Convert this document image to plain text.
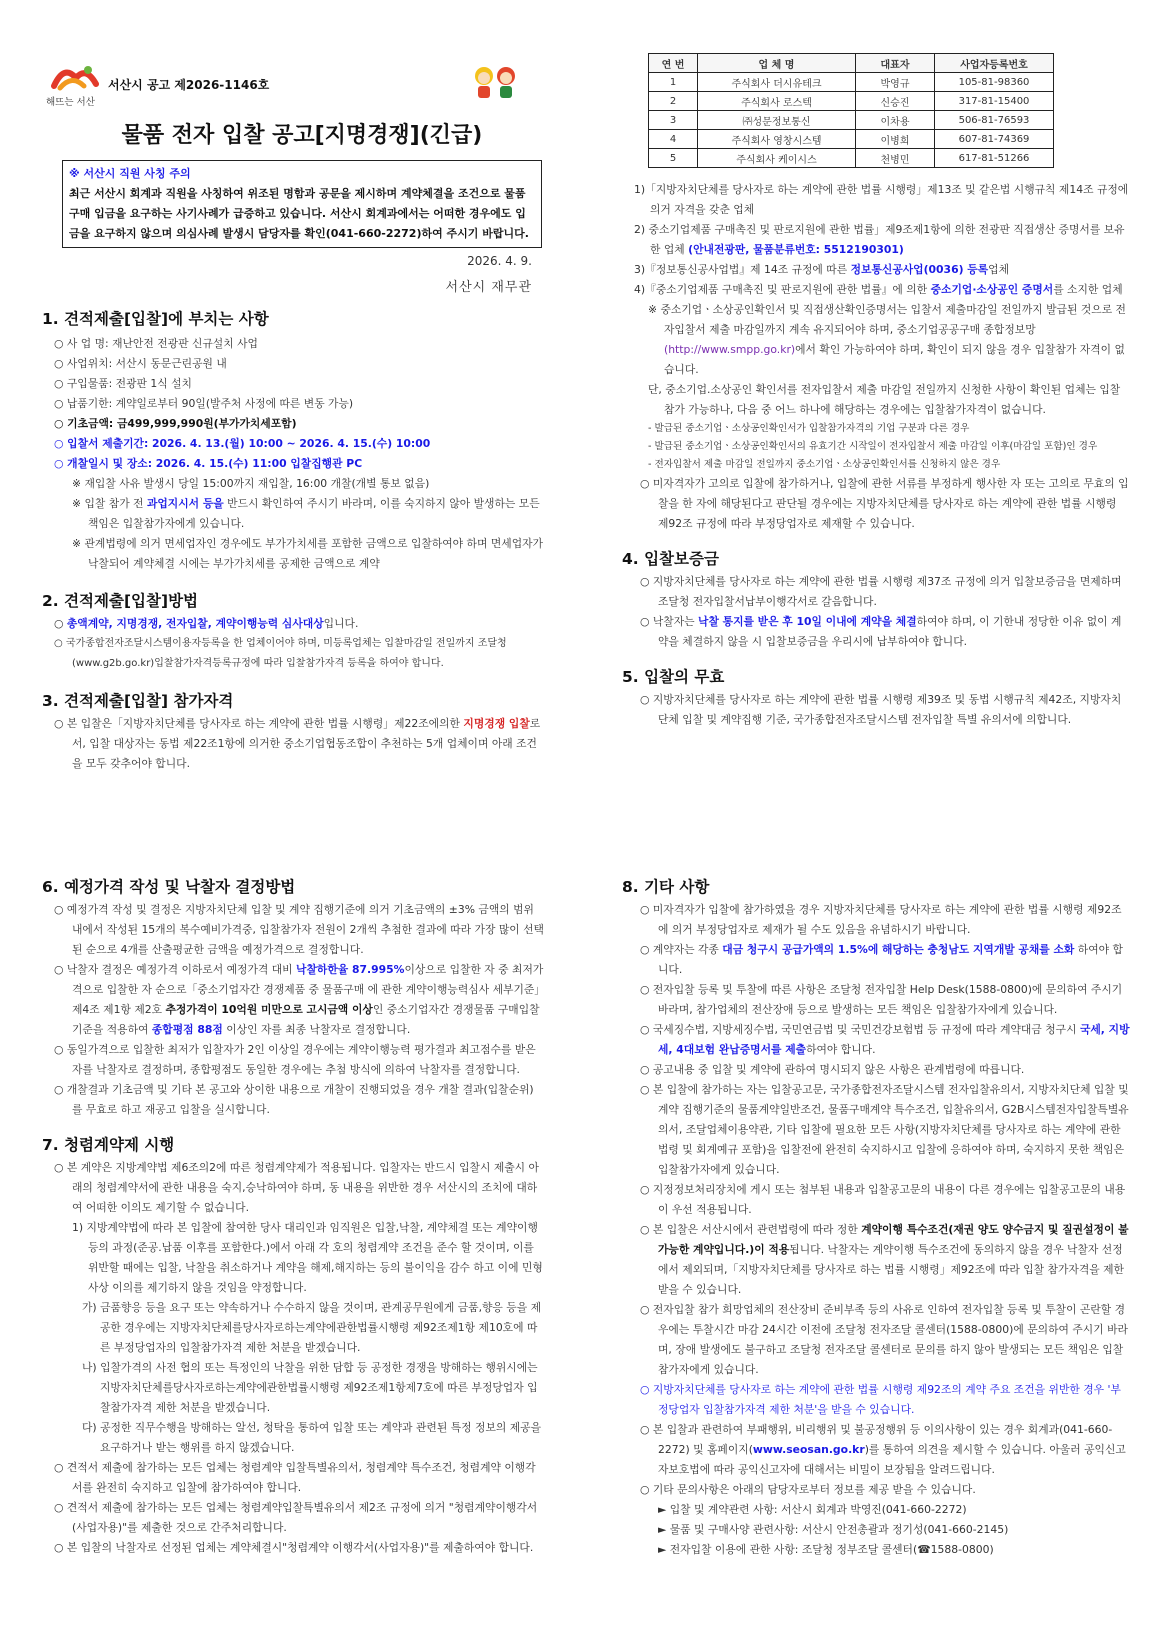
해뜨는 서산
서산시 공고 제2026-1146호
물품 전자 입찰 공고[지명경쟁](긴급)
※ 서산시 직원 사칭 주의
최근 서산시 회계과 직원을 사칭하여 위조된 명함과 공문을 제시하며 계약체결을 조건으로 물품구매 입금을 요구하는 사기사례가 급증하고 있습니다. 서산시 회계과에서는 어떠한 경우에도 입금을 요구하지 않으며 의심사례 발생시 담당자를 확인(041-660-2272)하여 주시기 바랍니다.
2026. 4. 9.
서산시 재무관

1. 견적제출[입찰]에 부치는 사항

○ 사 업 명: 재난안전 전광판 신규설치 사업

○ 사업위치: 서산시 동문근린공원 내

○ 구입물품: 전광판 1식 설치

○ 납품기한: 계약일로부터 90일(발주처 사정에 따른 변동 가능)

○ 기초금액: 금499,999,990원(부가가치세포함)

○ 입찰서 제출기간: 2026. 4. 13.(월) 10:00 ~ 2026. 4. 15.(수) 10:00

○ 개찰일시 및 장소: 2026. 4. 15.(수) 11:00 입찰집행관 PC

※ 재입찰 사유 발생시 당일 15:00까지 재입찰, 16:00 개찰(개별 통보 없음)

※ 입찰 참가 전 과업지시서 등을 반드시 확인하여 주시기 바라며, 이를 숙지하지 않아 발생하는 모든 책임은 입찰참가자에게 있습니다.

※ 관계법령에 의거 면세업자인 경우에도 부가가치세를 포함한 금액으로 입찰하여야 하며 면세업자가 낙찰되어 계약체결 시에는 부가가치세를 공제한 금액으로 계약

2. 견적제출[입찰]방법

○ 총액계약, 지명경쟁, 전자입찰, 계약이행능력 심사대상입니다.

○ 국가종합전자조달시스템이용자등록을 한 업체이어야 하며, 미등록업체는 입찰마감일 전일까지 조달청(www.g2b.go.kr)입찰참가자격등록규정에 따라 입찰참가자격 등록을 하여야 합니다.

3. 견적제출[입찰] 참가자격

○ 본 입찰은「지방자치단체를 당사자로 하는 계약에 관한 법률 시행령」제22조에의한 지명경쟁 입찰로서, 입찰 대상자는 동법 제22조1항에 의거한 중소기업협동조합이 추천하는 5개 업체이며 아래 조건을 모두 갖추어야 합니다.

연 번	업 체 명	대표자	사업자등록번호
1	주식회사 더시유테크	박영규	105-81-98360
2	주식회사 로스텍	신승진	317-81-15400
3	㈜성문정보통신	이차용	506-81-76593
4	주식회사 영창시스템	이병희	607-81-74369
5	주식회사 케이시스	천병민	617-81-51266

1)「지방자치단체를 당사자로 하는 계약에 관한 법률 시행령」제13조 및 같은법 시행규칙 제14조 규정에 의거 자격을 갖춘 업체

2) 중소기업제품 구매촉진 및 판로지원에 관한 법률」제9조제1항에 의한 전광판 직접생산 증명서를 보유한 업체 (안내전광판, 물품분류번호: 5512190301)

3)『정보통신공사업법』제 14조 규정에 따른 정보통신공사업(0036) 등록업체

4)『중소기업제품 구매촉진 및 판로지원에 관한 법률』에 의한 중소기업·소상공인 증명서를 소지한 업체

※ 중소기업ㆍ소상공인확인서 및 직접생산확인증명서는 입찰서 제출마감일 전일까지 발급된 것으로 전자입찰서 제출 마감일까지 계속 유지되어야 하며, 중소기업공공구매 종합정보망 (http://www.smpp.go.kr)에서 확인 가능하여야 하며, 확인이 되지 않을 경우 입찰참가 자격이 없습니다.

단, 중소기업.소상공인 확인서를 전자입찰서 제출 마감일 전일까지 신청한 사항이 확인된 업체는 입찰참가 가능하나, 다음 중 어느 하나에 해당하는 경우에는 입찰참가자격이 없습니다.

- 발급된 중소기업ㆍ소상공인확인서가 입찰참가자격의 기업 구분과 다른 경우

- 발급된 중소기업ㆍ소상공인확인서의 유효기간 시작일이 전자입찰서 제출 마감일 이후(마감일 포함)인 경우

- 전자입찰서 제출 마감일 전일까지 중소기업ㆍ소상공인확인서를 신청하지 않은 경우

○ 미자격자가 고의로 입찰에 참가하거나, 입찰에 관한 서류를 부정하게 행사한 자 또는 고의로 무효의 입찰을 한 자에 해당된다고 판단될 경우에는 지방자치단체를 당사자로 하는 계약에 관한 법률 시행령 제92조 규정에 따라 부정당업자로 제재할 수 있습니다.

4. 입찰보증금

○ 지방자치단체를 당사자로 하는 계약에 관한 법률 시행령 제37조 규정에 의거 입찰보증금을 면제하며 조달청 전자입찰서납부이행각서로 갈음합니다.

○ 낙찰자는 낙찰 통지를 받은 후 10일 이내에 계약을 체결하여야 하며, 이 기한내 정당한 이유 없이 계약을 체결하지 않을 시 입찰보증금을 우리시에 납부하여야 합니다.

5. 입찰의 무효

○ 지방자치단체를 당사자로 하는 계약에 관한 법률 시행령 제39조 및 동법 시행규칙 제42조, 지방자치단체 입찰 및 계약집행 기준, 국가종합전자조달시스템 전자입찰 특별 유의서에 의합니다.

6. 예정가격 작성 및 낙찰자 결정방법

○ 예정가격 작성 및 결정은 지방자치단체 입찰 및 계약 집행기준에 의거 기초금액의 ±3% 금액의 범위내에서 작성된 15개의 복수예비가격중, 입찰참가자 전원이 2개씩 추첨한 결과에 따라 가장 많이 선택된 순으로 4개를 산출평균한 금액을 예정가격으로 결정합니다.

○ 낙찰자 결정은 예정가격 이하로서 예정가격 대비 낙찰하한율 87.995%이상으로 입찰한 자 중 최저가격으로 입찰한 자 순으로「중소기업자간 경쟁제품 중 물품구매 에 관한 계약이행능력심사 세부기준」제4조 제1항 제2호 추정가격이 10억원 미만으로 고시금액 이상인 중소기업자간 경쟁물품 구매입찰 기준을 적용하여 종합평점 88점 이상인 자를 최종 낙찰자로 결정합니다.

○ 동일가격으로 입찰한 최저가 입찰자가 2인 이상일 경우에는 계약이행능력 평가결과 최고점수를 받은 자를 낙찰자로 결정하며, 종합평점도 동일한 경우에는 추첨 방식에 의하여 낙찰자를 결정합니다.

○ 개찰결과 기초금액 및 기타 본 공고와 상이한 내용으로 개찰이 진행되었을 경우 개찰 결과(입찰순위)를 무효로 하고 재공고 입찰을 실시합니다.

7. 청렴계약제 시행

○ 본 계약은 지방계약법 제6조의2에 따른 청렴계약제가 적용됩니다. 입찰자는 반드시 입찰시 제출시 아래의 청렴계약서에 관한 내용을 숙지,승낙하여야 하며, 동 내용을 위반한 경우 서산시의 조치에 대하여 어떠한 이의도 제기할 수 없습니다.

1) 지방계약법에 따라 본 입찰에 참여한 당사 대리인과 임직원은 입찰,낙찰, 계약체결 또는 계약이행 등의 과정(준공.납품 이후를 포함한다.)에서 아래 각 호의 청렴계약 조건을 준수 할 것이며, 이를 위반할 때에는 입찰, 낙찰을 취소하거나 계약을 해제,해지하는 등의 불이익을 감수 하고 이에 민형사상 이의를 제기하지 않을 것임을 약정합니다.

가) 금품향응 등을 요구 또는 약속하거나 수수하지 않을 것이며, 관계공무원에게 금품,향응 등을 제공한 경우에는 지방자치단체를당사자로하는계약에관한법률시행령 제92조제1항 제10호에 따른 부정당업자의 입찰참가자격 제한 처분을 받겠습니다.

나) 입찰가격의 사전 협의 또는 특정인의 낙찰을 위한 담합 등 공정한 경쟁을 방해하는 행위시에는 지방자치단체를당사자로하는계약에관한법률시행령 제92조제1항제7호에 따른 부정당업자 입찰참가자격 제한 처분을 받겠습니다.

다) 공정한 직무수행을 방해하는 알선, 청탁을 통하여 입찰 또는 계약과 관련된 특정 정보의 제공을 요구하거나 받는 행위를 하지 않겠습니다.

○ 견적서 제출에 참가하는 모든 업체는 청렴계약 입찰특별유의서, 청렴계약 특수조건, 청렴계약 이행각서를 완전히 숙지하고 입찰에 참가하여야 합니다.

○ 견적서 제출에 참가하는 모든 업체는 청렴계약입찰특별유의서 제2조 규정에 의거 "청렴계약이행각서(사업자용)"를 제출한 것으로 간주처리합니다.

○ 본 입찰의 낙찰자로 선정된 업체는 계약체결시"청렴계약 이행각서(사업자용)"를 제출하여야 합니다.

8. 기타 사항

○ 미자격자가 입찰에 참가하였을 경우 지방자치단체를 당사자로 하는 계약에 관한 법률 시행령 제92조에 의거 부정당업자로 제재가 될 수도 있음을 유념하시기 바랍니다.

○ 계약자는 각종 대금 청구시 공급가액의 1.5%에 해당하는 충청남도 지역개발 공채를 소화 하여야 합니다.

○ 전자입찰 등록 및 투찰에 따른 사항은 조달청 전자입찰 Help Desk(1588-0800)에 문의하여 주시기 바라며, 참가업체의 전산장애 등으로 발생하는 모든 책임은 입찰참가자에게 있습니다.

○ 국세징수법, 지방세징수법, 국민연금법 및 국민건강보험법 등 규정에 따라 계약대금 청구시 국세, 지방세, 4대보험 완납증명서를 제출하여야 합니다.

○ 공고내용 중 입찰 및 계약에 관하여 명시되지 않은 사항은 관계법령에 따릅니다.

○ 본 입찰에 참가하는 자는 입찰공고문, 국가종합전자조달시스템 전자입찰유의서, 지방자치단체 입찰 및 계약 집행기준의 물품계약일반조건, 물품구매계약 특수조건, 입찰유의서, G2B시스템전자입찰특별유의서, 조달업체이용약관, 기타 입찰에 필요한 모든 사항(지방자치단체를 당사자로 하는 계약에 관한 법령 및 회계예규 포함)을 입찰전에 완전히 숙지하시고 입찰에 응하여야 하며, 숙지하지 못한 책임은 입찰참가자에게 있습니다.

○ 지정정보처리장치에 게시 또는 첨부된 내용과 입찰공고문의 내용이 다른 경우에는 입찰공고문의 내용이 우선 적용됩니다.

○ 본 입찰은 서산시에서 관련법령에 따라 정한 계약이행 특수조건(재권 양도 양수금지 및 질권설정이 불가능한 계약입니다.)이 적용됩니다. 낙찰자는 계약이행 특수조건에 동의하지 않을 경우 낙찰자 선정에서 제외되며,「지방자치단체를 당사자로 하는 법률 시행령」제92조에 따라 입찰 참가자격을 제한받을 수 있습니다.

○ 전자입찰 참가 희망업체의 전산장비 준비부족 등의 사유로 인하여 전자입찰 등록 및 투찰이 곤란할 경우에는 투찰시간 마감 24시간 이전에 조달청 전자조달 콜센터(1588-0800)에 문의하여 주시기 바라며, 장애 발생에도 불구하고 조달청 전자조달 콜센터로 문의를 하지 않아 발생되는 모든 책임은 입찰참가자에게 있습니다.

○ 지방자치단체를 당사자로 하는 계약에 관한 법률 시행령 제92조의 계약 주요 조건을 위반한 경우 '부정당업자 입찰참가자격 제한 처분'을 받을 수 있습니다.

○ 본 입찰과 관련하여 부패행위, 비리행위 및 불공정행위 등 이의사항이 있는 경우 회계과(041-660-2272) 및 홈페이지(www.seosan.go.kr)를 통하여 의견을 제시할 수 있습니다. 아울러 공익신고자보호법에 따라 공익신고자에 대해서는 비밀이 보장됨을 알려드립니다.

○ 기타 문의사항은 아래의 담당자로부터 정보를 제공 받을 수 있습니다.

► 입찰 및 계약관련 사항: 서산시 회계과 박영진(041-660-2272)

► 물품 및 구매사양 관련사항: 서산시 안전총괄과 정기성(041-660-2145)

► 전자입찰 이용에 관한 사항: 조달청 정부조달 콜센터(☎1588-0800)
